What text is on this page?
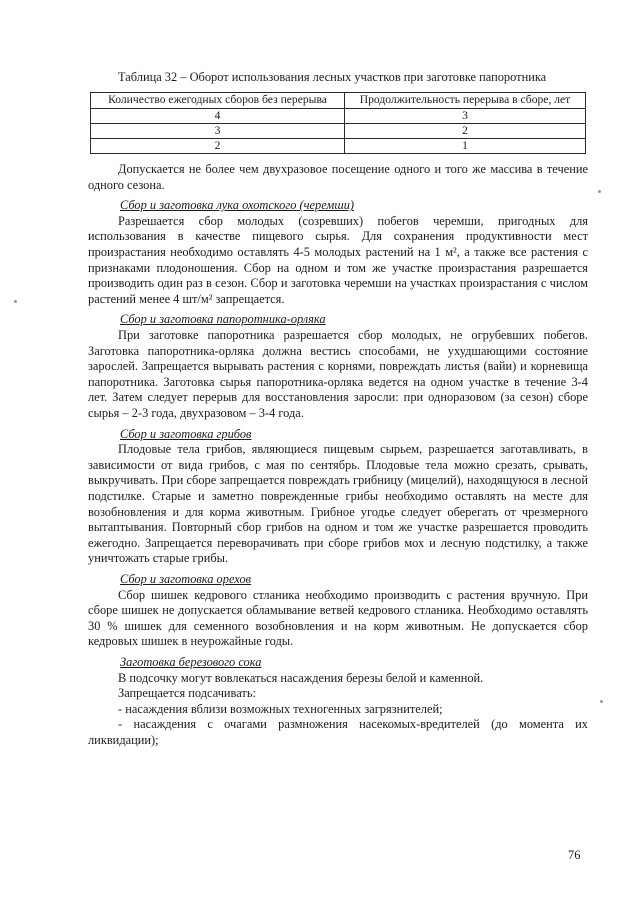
Таблица 32 – Оборот использования лесных участков при заготовке папоротника

Количество ежегодных сборов без перерыва	Продолжительность перерыва в сборе, лет
4	3
3	2
2	1

Допускается не более чем двухразовое посещение одного и того же массива в течение одного сезона.

Сбор и заготовка лука охотского (черемши)

Разрешается сбор молодых (созревших) побегов черемши, пригодных для использования в качестве пищевого сырья. Для сохранения продуктивности мест произрастания необходимо оставлять 4-5 молодых растений на 1 м², а также все растения с признаками плодоношения. Сбор на одном и том же участке произрастания разрешается производить один раз в сезон. Сбор и заготовка черемши на участках произрастания с числом растений менее 4 шт/м² запрещается.

Сбор и заготовка папоротника-орляка

При заготовке папоротника разрешается сбор молодых, не огрубевших побегов. Заготовка папоротника-орляка должна вестись способами, не ухудшающими состояние зарослей. Запрещается вырывать растения с корнями, повреждать листья (вайи) и корневища папоротника. Заготовка сырья папоротника-орляка ведется на одном участке в течение 3-4 лет. Затем следует перерыв для восстановления заросли: при одноразовом (за сезон) сборе сырья – 2-3 года, двухразовом – 3-4 года.

Сбор и заготовка грибов

Плодовые тела грибов, являющиеся пищевым сырьем, разрешается заготавливать, в зависимости от вида грибов, с мая по сентябрь. Плодовые тела можно срезать, срывать, выкручивать. При сборе запрещается повреждать грибницу (мицелий), находящуюся в лесной подстилке. Старые и заметно поврежденные грибы необходимо оставлять на месте для возобновления и для корма животным. Грибное угодье следует оберегать от чрезмерного вытаптывания. Повторный сбор грибов на одном и том же участке разрешается проводить ежегодно. Запрещается переворачивать при сборе грибов мох и лесную подстилку, а также уничтожать старые грибы.

Сбор и заготовка орехов

Сбор шишек кедрового стланика необходимо производить с растения вручную. При сборе шишек не допускается обламывание ветвей кедрового стланика. Необходимо оставлять 30 % шишек для семенного возобновления и на корм животным. Не допускается сбор кедровых шишек в неурожайные годы.

Заготовка березового сока

В подсочку могут вовлекаться насаждения березы белой и каменной.

Запрещается подсачивать:

- насаждения вблизи возможных техногенных загрязнителей;

- насаждения с очагами размножения насекомых-вредителей (до момента их ликвидации);

76
